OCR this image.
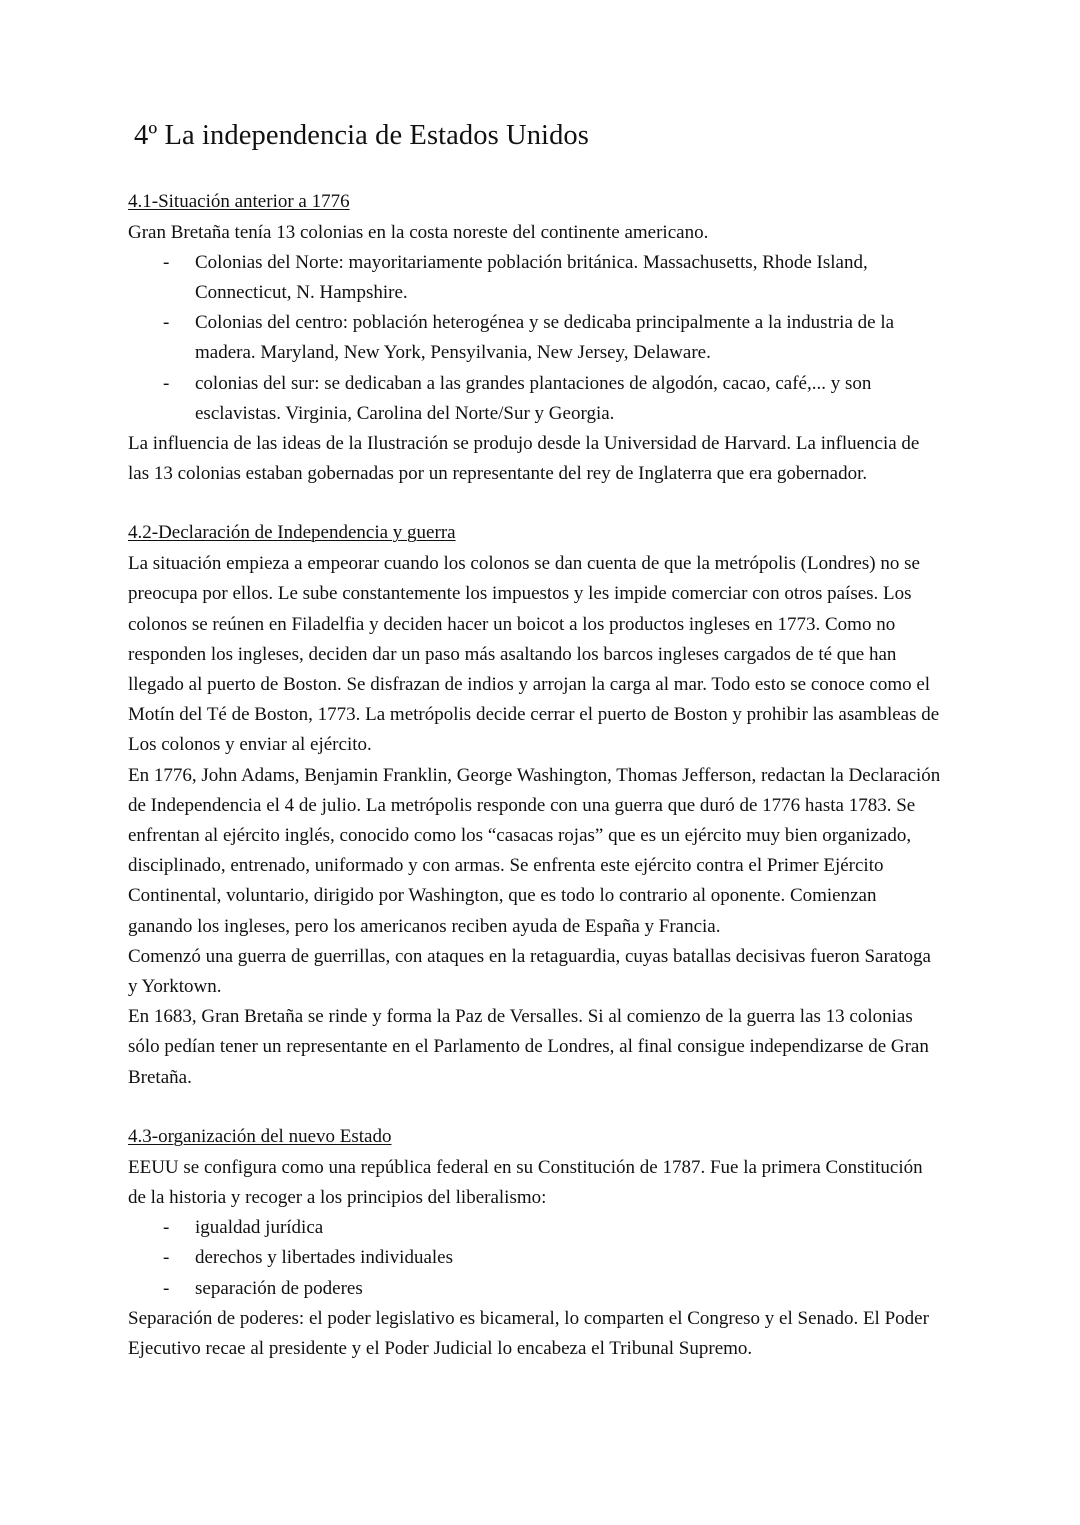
4º La independencia de Estados Unidos
4.1-Situación anterior a 1776

Gran Bretaña tenía 13 colonias en la costa noreste del continente americano.

- Colonias del Norte: mayoritariamente población británica. Massachusetts, Rhode Island, Connecticut, N. Hampshire.
- Colonias del centro: población heterogénea y se dedicaba principalmente a la industria de la madera. Maryland, New York, Pensyilvania, New Jersey, Delaware.
- colonias del sur: se dedicaban a las grandes plantaciones de algodón, cacao, café,... y son esclavistas. Virginia, Carolina del Norte/Sur y Georgia.

La influencia de las ideas de la Ilustración se produjo desde la Universidad de Harvard. La influencia de las 13 colonias estaban gobernadas por un representante del rey de Inglaterra que era gobernador.

4.2-Declaración de Independencia y guerra

La situación empieza a empeorar cuando los colonos se dan cuenta de que la metrópolis (Londres) no se preocupa por ellos. Le sube constantemente los impuestos y les impide comerciar con otros países. Los colonos se reúnen en Filadelfia y deciden hacer un boicot a los productos ingleses en 1773. Como no responden los ingleses, deciden dar un paso más asaltando los barcos ingleses cargados de té que han llegado al puerto de Boston. Se disfrazan de indios y arrojan la carga al mar. Todo esto se conoce como el Motín del Té de Boston, 1773. La metrópolis decide cerrar el puerto de Boston y prohibir las asambleas de Los colonos y enviar al ejército.

En 1776, John Adams, Benjamin Franklin, George Washington, Thomas Jefferson, redactan la Declaración de Independencia el 4 de julio. La metrópolis responde con una guerra que duró de 1776 hasta 1783. Se enfrentan al ejército inglés, conocido como los “casacas rojas” que es un ejército muy bien organizado, disciplinado, entrenado, uniformado y con armas. Se enfrenta este ejército contra el Primer Ejército Continental, voluntario, dirigido por Washington, que es todo lo contrario al oponente. Comienzan ganando los ingleses, pero los americanos reciben ayuda de España y Francia.

Comenzó una guerra de guerrillas, con ataques en la retaguardia, cuyas batallas decisivas fueron Saratoga y Yorktown.

En 1683, Gran Bretaña se rinde y forma la Paz de Versalles. Si al comienzo de la guerra las 13 colonias sólo pedían tener un representante en el Parlamento de Londres, al final consigue independizarse de Gran Bretaña.

4.3-organización del nuevo Estado

EEUU se configura como una república federal en su Constitución de 1787. Fue la primera Constitución de la historia y recoger a los principios del liberalismo:

- igualdad jurídica
- derechos y libertades individuales
- separación de poderes

Separación de poderes: el poder legislativo es bicameral, lo comparten el Congreso y el Senado. El Poder Ejecutivo recae al presidente y el Poder Judicial lo encabeza el Tribunal Supremo.
